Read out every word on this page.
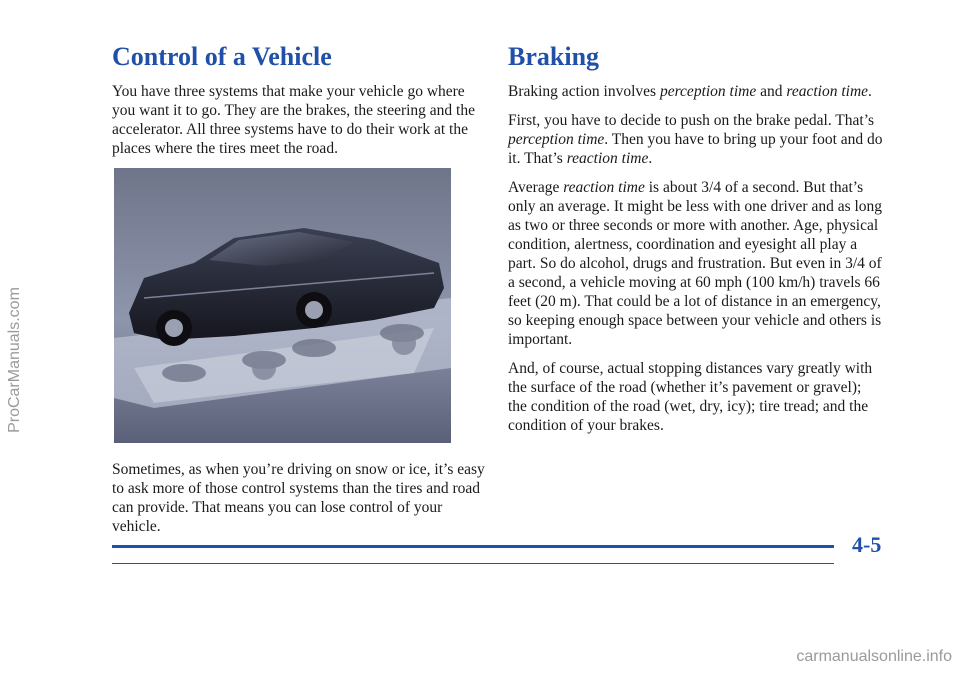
ProCarManuals.com
Control of a Vehicle

You have three systems that make your vehicle go where you want it to go. They are the brakes, the steering and the accelerator. All three systems have to do their work at the places where the tires meet the road.

Sometimes, as when you’re driving on snow or ice, it’s easy to ask more of those control systems than the tires and road can provide. That means you can lose control of your vehicle.

Braking

Braking action involves perception time and reaction time.

First, you have to decide to push on the brake pedal. That’s perception time. Then you have to bring up your foot and do it. That’s reaction time.

Average reaction time is about 3/4 of a second. But that’s only an average. It might be less with one driver and as long as two or three seconds or more with another. Age, physical condition, alertness, coordination and eyesight all play a part. So do alcohol, drugs and frustration. But even in 3/4 of a second, a vehicle moving at 60 mph (100 km/h) travels 66 feet (20 m). That could be a lot of distance in an emergency, so keeping enough space between your vehicle and others is important.

And, of course, actual stopping distances vary greatly with the surface of the road (whether it’s pavement or gravel); the condition of the road (wet, dry, icy); tire tread; and the condition of your brakes.

4-5
carmanualsonline.info
